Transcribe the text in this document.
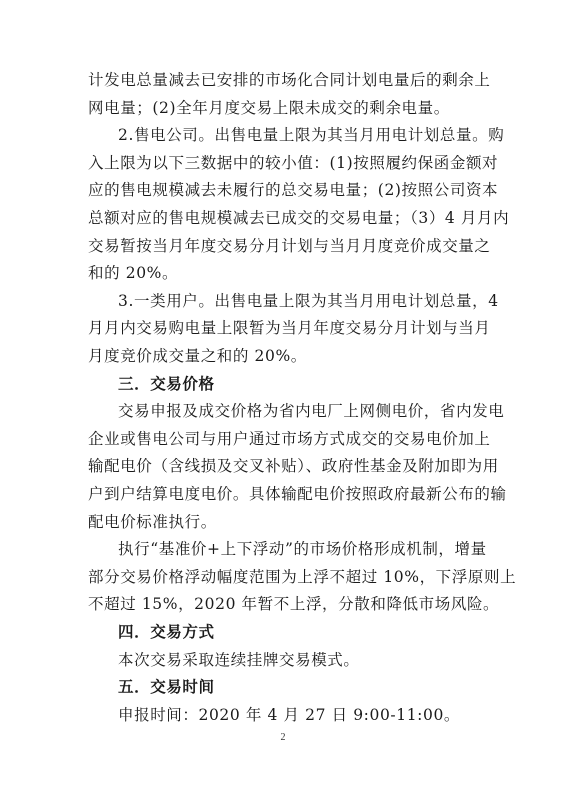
计发电总量减去已安排的市场化合同计划电量后的剩余上
网电量；(2)全年月度交易上限未成交的剩余电量。
2.售电公司。出售电量上限为其当月用电计划总量。购
入上限为以下三数据中的较小值：(1)按照履约保函金额对
应的售电规模减去未履行的总交易电量；(2)按照公司资本
总额对应的售电规模减去已成交的交易电量；（3）4 月月内
交易暂按当月年度交易分月计划与当月月度竞价成交量之
和的 20%。
3.一类用户。出售电量上限为其当月用电计划总量，4
月月内交易购电量上限暂为当月年度交易分月计划与当月
月度竞价成交量之和的 20%。
三．交易价格
交易申报及成交价格为省内电厂上网侧电价，省内发电
企业或售电公司与用户通过市场方式成交的交易电价加上
输配电价（含线损及交叉补贴）、政府性基金及附加即为用
户到户结算电度电价。具体输配电价按照政府最新公布的输
配电价标准执行。
执行“基准价+上下浮动”的市场价格形成机制，增量
部分交易价格浮动幅度范围为上浮不超过 10%，下浮原则上
不超过 15%，2020 年暂不上浮，分散和降低市场风险。
四．交易方式
本次交易采取连续挂牌交易模式。
五．交易时间
申报时间：2020 年 4 月 27 日 9:00-11:00。
2
